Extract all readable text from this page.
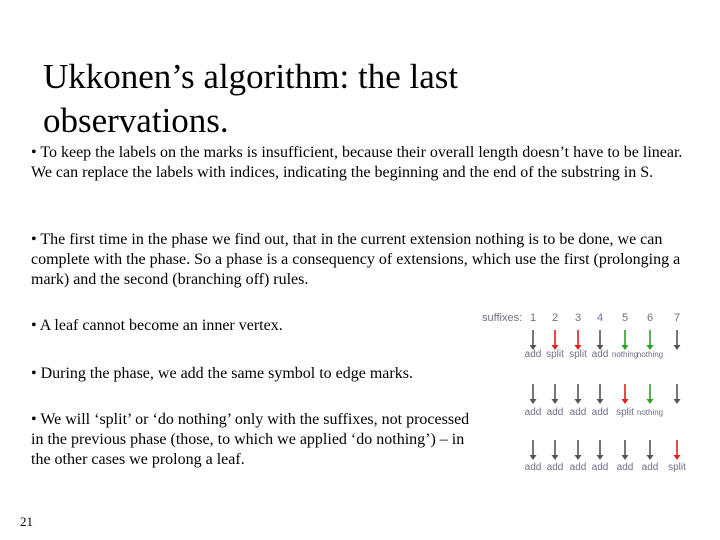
Ukkonen’s algorithm: the last
observations.

• To keep the labels on the marks is insufficient, because their overall length doesn’t have to be linear. We can replace the labels with indices, indicating the beginning and the end of the substring in S.

• The first time in the phase we find out, that in the current extension nothing is to be done, we can complete with the phase. So a phase is a consequency of extensions, which use the first (prolonging a mark) and the second (branching off) rules.

• A leaf cannot become an inner vertex.

• During the phase, we add the same symbol to edge marks.

• We will ‘split’ or ‘do nothing’ only with the suffixes, not processed in the previous phase (those, to which we applied ‘do nothing’) – in the other cases we prolong a leaf.

21
suffixes: 1 2 3 4 5 6 7
add split split add nothing
nothing
add add add add split nothing
add add add add add add split
